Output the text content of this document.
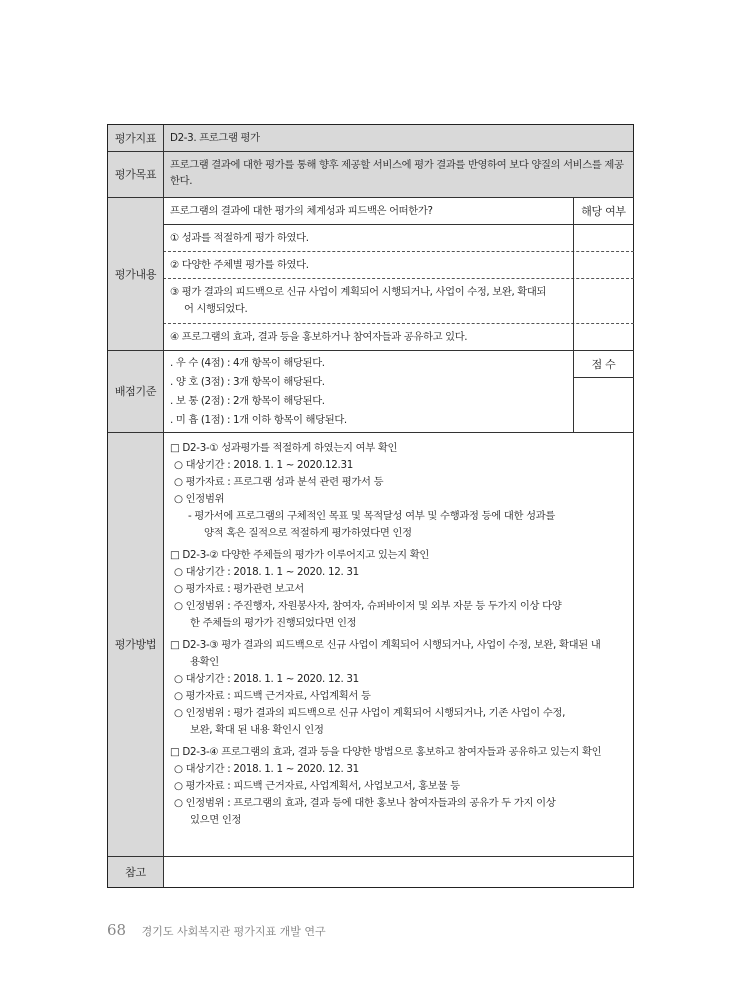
평가지표	D2-3. 프로그램 평가
평가목표
프로그램 결과에 대한 평가를 통해 향후 제공할 서비스에 평가 결과를 반영하여 보다 양질의 서비스를 제공한다.
평가내용
프로그램의 결과에 대한 평가의 체계성과 피드백은 어떠한가?	해당 여부
① 성과를 적절하게 평가 하였다.
② 다양한 주체별 평가를 하였다.
③ 평가 결과의 피드백으로 신규 사업이 계획되어 시행되거나, 사업이 수정, 보완, 확대되
어 시행되었다.
④ 프로그램의 효과, 결과 등을 홍보하거나 참여자들과 공유하고 있다.
배점기준
. 우 수 (4점) : 4개 항목이 해당된다.
. 양 호 (3점) : 3개 항목이 해당된다.
. 보 통 (2점) : 2개 항목이 해당된다.
. 미 흡 (1점) : 1개 이하 항목이 해당된다.
점 수
평가방법
□ D2-3-① 성과평가를 적절하게 하였는지 여부 확인
○ 대상기간 : 2018. 1. 1 ~ 2020.12.31
○ 평가자료 : 프로그램 성과 분석 관련 평가서 등
○ 인정범위
- 평가서에 프로그램의 구체적인 목표 및 목적달성 여부 및 수행과정 등에 대한 성과를
양적 혹은 질적으로 적절하게 평가하였다면 인정
□ D2-3-② 다양한 주체들의 평가가 이루어지고 있는지 확인
○ 대상기간 : 2018. 1. 1 ~ 2020. 12. 31
○ 평가자료 : 평가관련 보고서
○ 인정범위 : 주진행자, 자원봉사자, 참여자, 슈퍼바이저 및 외부 자문 등 두가지 이상 다양
한 주체들의 평가가 진행되었다면 인정
□ D2-3-③ 평가 결과의 피드백으로 신규 사업이 계획되어 시행되거나, 사업이 수정, 보완, 확대된 내
용확인
○ 대상기간 : 2018. 1. 1 ~ 2020. 12. 31
○ 평가자료 : 피드백 근거자료, 사업계획서 등
○ 인정범위 : 평가 결과의 피드백으로 신규 사업이 계획되어 시행되거나, 기존 사업이 수정,
보완, 확대 된 내용 확인시 인정
□ D2-3-④ 프로그램의 효과, 결과 등을 다양한 방법으로 홍보하고 참여자들과 공유하고 있는지 확인
○ 대상기간 : 2018. 1. 1 ~ 2020. 12. 31
○ 평가자료 : 피드백 근거자료, 사업계획서, 사업보고서, 홍보물 등
○ 인정범위 : 프로그램의 효과, 결과 등에 대한 홍보나 참여자들과의 공유가 두 가지 이상
있으면 인정
참고
68 경기도 사회복지관 평가지표 개발 연구
